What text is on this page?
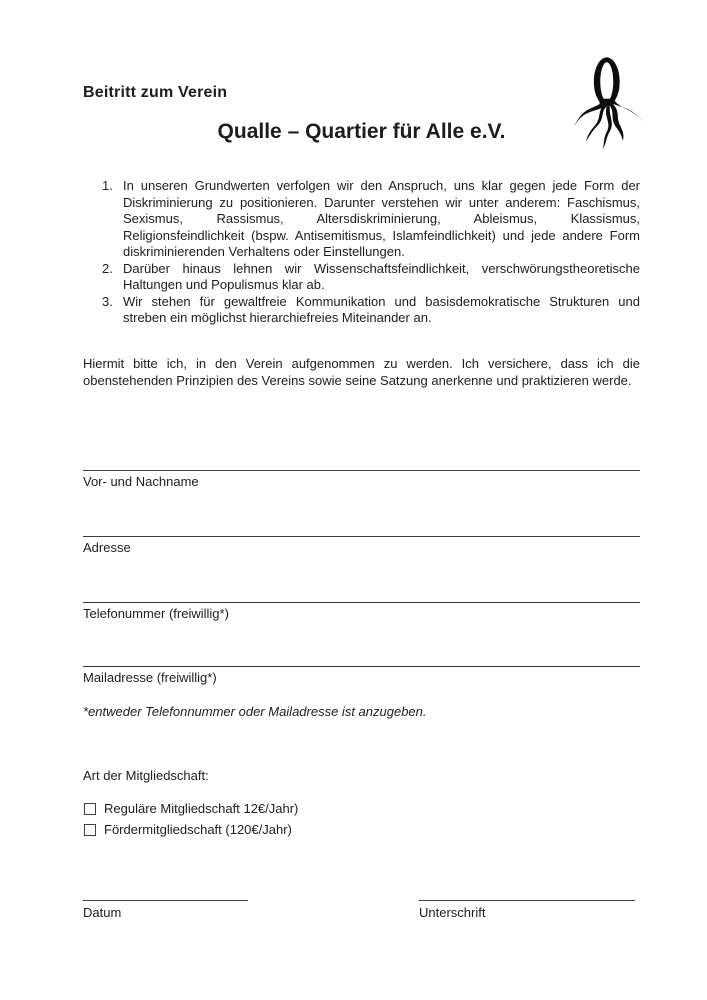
Beitritt zum Verein
Qualle – Quartier für Alle e.V.
1. In unseren Grundwerten verfolgen wir den Anspruch, uns klar gegen jede Form der Diskriminierung zu positionieren. Darunter verstehen wir unter anderem: Faschismus, Sexismus, Rassismus, Altersdiskriminierung, Ableismus, Klassismus, Religionsfeindlichkeit (bspw. Antisemitismus, Islamfeindlichkeit) und jede andere Form diskriminierenden Verhaltens oder Einstellungen.
2. Darüber hinaus lehnen wir Wissenschaftsfeindlichkeit, verschwörungstheoretische Haltungen und Populismus klar ab.
3. Wir stehen für gewaltfreie Kommunikation und basisdemokratische Strukturen und streben ein möglichst hierarchiefreies Miteinander an.
Hiermit bitte ich, in den Verein aufgenommen zu werden. Ich versichere, dass ich die obenstehenden Prinzipien des Vereins sowie seine Satzung anerkenne und praktizieren werde.
Vor- und Nachname
Adresse
Telefonummer (freiwillig*)
Mailadresse (freiwillig*)
*entweder Telefonnummer oder Mailadresse ist anzugeben.
Art der Mitgliedschaft:
Reguläre Mitgliedschaft 12€/Jahr)
Fördermitgliedschaft (120€/Jahr)
Datum	Unterschrift
